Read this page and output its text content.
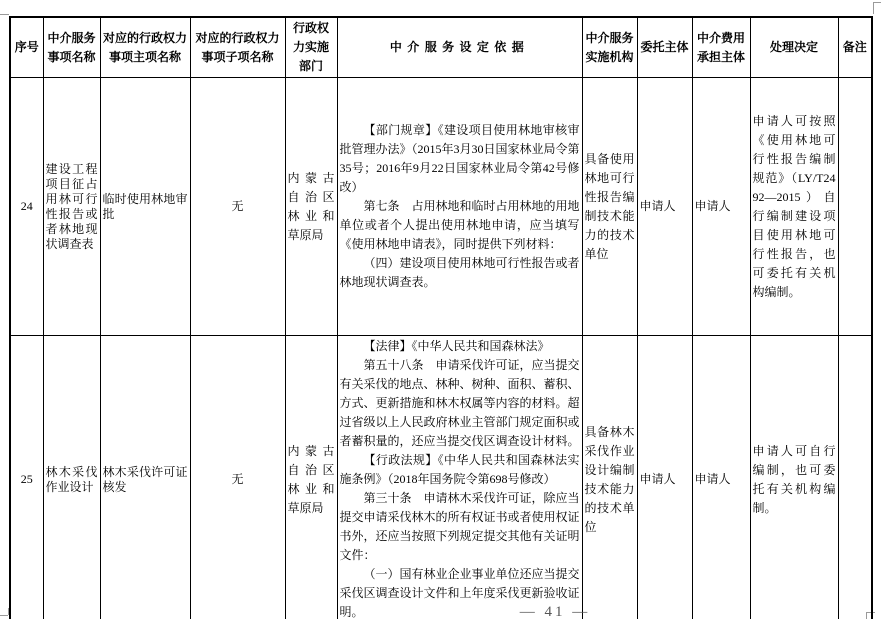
序号	中介服务事项名称	对应的行政权力事项主项名称	对应的行政权力事项子项名称	行政权力实施部门	中介服务设定依据	中介服务实施机构	委托主体	中介费用承担主体	处理决定	备注
24	建设工程项目征占用林可行性报告或者林地现状调查表	临时使用林地审批	无	内蒙古自治区林业和草原局	【部门规章】《建设项目使用林地审核审批管理办法》（2015年3月30日国家林业局令第35号；2016年9月22日国家林业局令第42号修改）

第七条　占用林地和临时占用林地的用地单位或者个人提出使用林地申请，应当填写《使用林地申请表》，同时提供下列材料：

（四）建设项目使用林地可行性报告或者林地现状调查表。	具备使用林地可行性报告编制技术能力的技术单位	申请人	申请人	申请人可按照《使用林地可行性报告编制规范》（LY/T2492—2015）自行编制建设项目使用林地可行性报告，也可委托有关机构编制。	
25	林木采伐作业设计	林木采伐许可证核发	无	内蒙古自治区林业和草原局	【法律】《中华人民共和国森林法》

第五十八条　申请采伐许可证，应当提交有关采伐的地点、林种、树种、面积、蓄积、方式、更新措施和林木权属等内容的材料。超过省级以上人民政府林业主管部门规定面积或者蓄积量的，还应当提交伐区调查设计材料。

【行政法规】《中华人民共和国森林法实施条例》（2018年国务院令第698号修改）

第三十条　申请林木采伐许可证，除应当提交申请采伐林木的所有权证书或者使用权证书外，还应当按照下列规定提交其他有关证明文件：

（一）国有林业企业事业单位还应当提交采伐区调查设计文件和上年度采伐更新验收证明。	具备林木采伐作业设计编制技术能力的技术单位	申请人	申请人	申请人可自行编制，也可委托有关机构编制。	
— 41 —
